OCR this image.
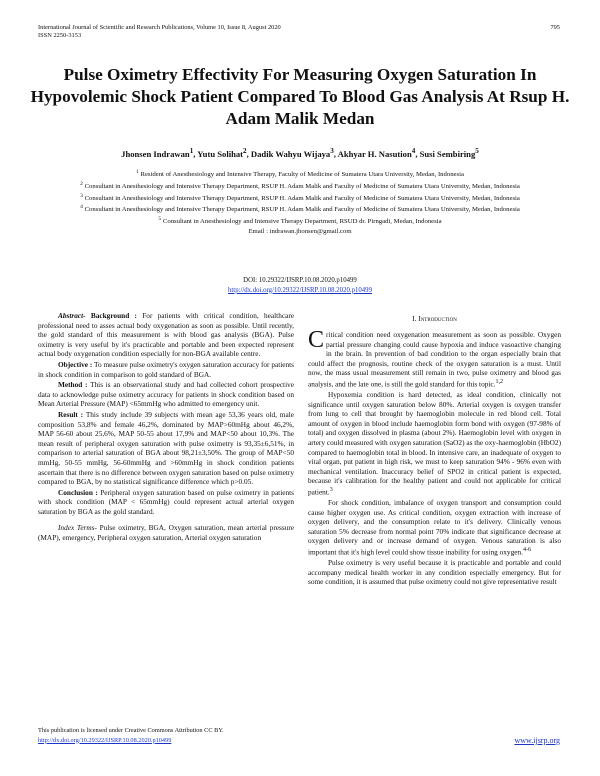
International Journal of Scientific and Research Publications, Volume 10, Issue 8, August 2020
ISSN 2250-3153
795
Pulse Oximetry Effectivity For Measuring Oxygen Saturation In Hypovolemic Shock Patient Compared To Blood Gas Analysis At Rsup H. Adam Malik Medan
Jhonsen Indrawan$^1$, Yutu Solihat$^2$, Dadik Wahyu Wijaya$^3$, Akhyar H. Nasution$^4$, Susi Sembiring$^5$
$^1$ Resident of Anesthesiology and Intensive Therapy, Faculty of Medicine of Sumatera Utara University, Medan, Indonesia
$^2$ Consultant in Anesthesiology and Intensive Therapy Department, RSUP H. Adam Malik and Faculty of Medicine of Sumatera Utara University, Medan, Indonesia
$^3$ Consultant in Anesthesiology and Intensive Therapy Department, RSUP H. Adam Malik and Faculty of Medicine of Sumatera Utara University, Medan, Indonesia
$^4$ Consultant in Anesthesiology and Intensive Therapy Department, RSUP H. Adam Malik and Faculty of Medicine of Sumatera Utara University, Medan, Indonesia
$^5$ Consultant in Anesthesiology and Intensive Therapy Department, RSUD dr. Pirngadi, Medan, Indonesia
Email : indrawan.jhonsen@gmail.com
DOI: 10.29322/IJSRP.10.08.2020.p10499
http://dx.doi.org/10.29322/IJSRP.10.08.2020.p10499

Abstract- Background : For patients with critical condition, healthcare professional need to asses actual body oxygenation as soon as possible. Until recently, the gold standard of this measurement is with blood gas analysis (BGA). Pulse oximetry is very useful by it's practicable and portable and been expected represent actual body oxygenation condition especially for non-BGA available centre.

Objective : To measure pulse oximetry's oxygen saturation accuracy for patients in shock condition in comparison to gold standard of BGA.

Method : This is an observational study and had collected cohort prospective data to acknowledge pulse oximetry accuracy for patients in shock condition based on Mean Arterial Pressure (MAP) <65mmHg who admitted to emergency unit.

Result : This study include 39 subjects with mean age 53,36 years old, male composition 53,8% and female 46,2%, dominated by MAP>60mHg about 46,2%, MAP 56-60 about 25,6%, MAP 50-55 about 17,9% and MAP<50 about 10,3%. The mean result of peripheral oxygen saturation with pulse oximetry is 93,35±6,51%, in comparison to arterial saturation of BGA about 98,21±3,50%. The group of MAP<50 mmHg, 50-55 mmHg, 56-60mmHg and >60mmHg in shock condition patients ascertain that there is no difference between oxygen saturation based on pulse oximetry compared to BGA, by no statistical significance difference which p>0.05.

Conclusion : Peripheral oxygen saturation based on pulse oximetry in patients with shock condition (MAP < 65mmHg) could represent actual arterial oxygen saturation by BGA as the gold standard.

Index Terms- Pulse oximetry, BGA, Oxygen saturation, mean arterial pressure (MAP), emergency, Peripheral oxygen saturation, Arterial oxygen saturation

I. Introduction

Critical condition need oxygenation measurement as soon as possible. Oxygen partial pressure changing could cause hypoxia and induce vasoactive changing in the brain. In prevention of bad condition to the organ especially brain that could affect the prognosis, routine check of the oxygen saturation is a must. Until now, the mass usual measurement still remain in two, pulse oximetry and blood gas analysis, and the late one, is still the gold standard for this topic.$^{1,2}$

Hypoxemia condition is hard detected, as ideal condition, clinically not significance until oxygen saturation below 80%. Arterial oxygen is oxygen transfer from lung to cell that brought by haemoglobin molecule in red blood cell. Total amount of oxygen in blood include haemoglobin form bond with oxygen (97-98% of total) and oxygen dissolved in plasma (about 2%). Haemoglobin level with oxygen in artery could measured with oxygen saturation (SaO2) as the oxy-haemoglobin (HbO2) compared to haemoglobin total in blood. In intensive care, an inadequate of oxygen to vital organ, put patient in high risk, we must to keep saturation 94% - 96% even with mechanical ventilation. Inaccuracy belief of SPO2 in critical patient is expected, because it's calibration for the healthy patient and could not applicable for critical patient.$^3$

For shock condition, imbalance of oxygen transport and consumption could cause higher oxygen use. As critical condition, oxygen extraction with increase of oxygen delivery, and the consumption relate to it's delivery. Clinically venous saturation 5% decrease from normal point 70% indicate that significance decrease at oxygen delivery and or increase demand of oxygen. Venous saturation is also important that it's high level could show tissue inability for using oxygen.$^{4-6}$

Pulse oximetry is very useful because it is practicable and portable and could accompany medical health worker in any condition especially emergency. But for some condition, it is assumed that pulse oximetry could not give representative result

This publication is licensed under Creative Commons Attribution CC BY.
http://dx.doi.org/10.29322/IJSRP.10.08.2020.p10499	www.ijsrp.org
